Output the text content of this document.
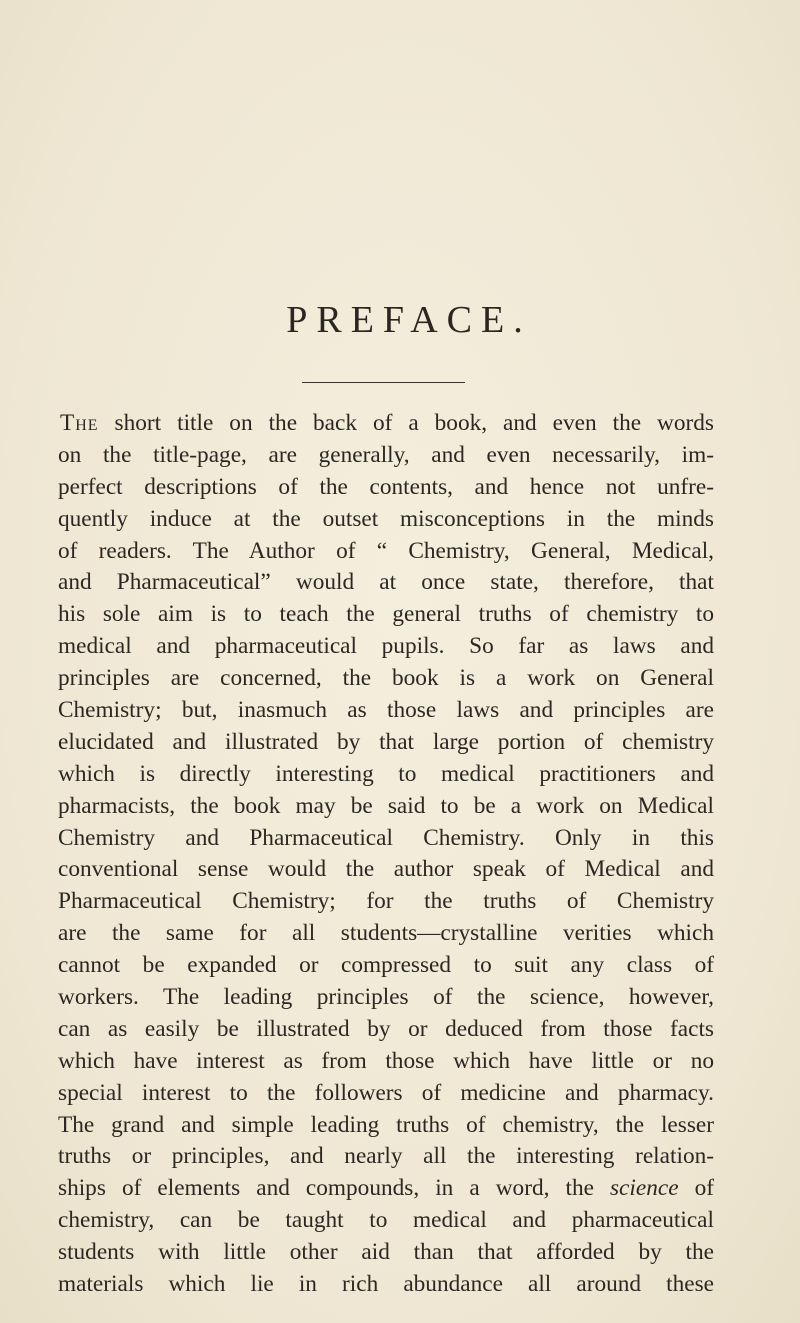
PREFACE.
The short title on the back of a book, and even the words
on the title-page, are generally, and even necessarily, im-
perfect descriptions of the contents, and hence not unfre-
quently induce at the outset misconceptions in the minds
of readers. The Author of “ Chemistry, General, Medical,
and Pharmaceutical” would at once state, therefore, that
his sole aim is to teach the general truths of chemistry to
medical and pharmaceutical pupils. So far as laws and
principles are concerned, the book is a work on General
Chemistry; but, inasmuch as those laws and principles are
elucidated and illustrated by that large portion of chemistry
which is directly interesting to medical practitioners and
pharmacists, the book may be said to be a work on Medical
Chemistry and Pharmaceutical Chemistry. Only in this
conventional sense would the author speak of Medical and
Pharmaceutical Chemistry; for the truths of Chemistry
are the same for all students—crystalline verities which
cannot be expanded or compressed to suit any class of
workers. The leading principles of the science, however,
can as easily be illustrated by or deduced from those facts
which have interest as from those which have little or no
special interest to the followers of medicine and pharmacy.
The grand and simple leading truths of chemistry, the lesser
truths or principles, and nearly all the interesting relation-
ships of elements and compounds, in a word, the science of
chemistry, can be taught to medical and pharmaceutical
students with little other aid than that afforded by the
materials which lie in rich abundance all around these
